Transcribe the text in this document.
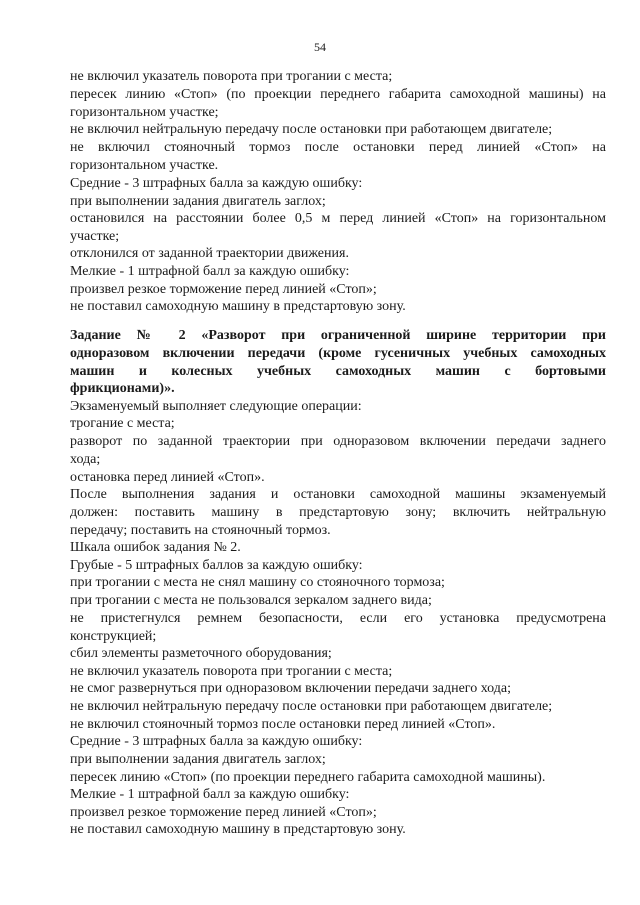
54
не включил указатель поворота при трогании с места;
пересек линию «Стоп» (по проекции переднего габарита самоходной машины) на
горизонтальном участке;
не включил нейтральную передачу после остановки при работающем двигателе;
не включил стояночный тормоз после остановки перед линией «Стоп» на
горизонтальном участке.
Средние - 3 штрафных балла за каждую ошибку:
при выполнении задания двигатель заглох;
остановился на расстоянии более 0,5 м перед линией «Стоп» на горизонтальном
участке;
отклонился от заданной траектории движения.
Мелкие - 1 штрафной балл за каждую ошибку:
произвел резкое торможение перед линией «Стоп»;
не поставил самоходную машину в предстартовую зону.
Задание № 2 «Разворот при ограниченной ширине территории при
одноразовом включении передачи (кроме гусеничных учебных самоходных
машин и колесных учебных самоходных машин с бортовыми
фрикционами)».
Экзаменуемый выполняет следующие операции:
трогание с места;
разворот по заданной траектории при одноразовом включении передачи заднего
хода;
остановка перед линией «Стоп».
После выполнения задания и остановки самоходной машины экзаменуемый
должен: поставить машину в предстартовую зону; включить нейтральную
передачу; поставить на стояночный тормоз.
Шкала ошибок задания № 2.
Грубые - 5 штрафных баллов за каждую ошибку:
при трогании с места не снял машину со стояночного тормоза;
при трогании с места не пользовался зеркалом заднего вида;
не пристегнулся ремнем безопасности, если его установка предусмотрена
конструкцией;
сбил элементы разметочного оборудования;
не включил указатель поворота при трогании с места;
не смог развернуться при одноразовом включении передачи заднего хода;
не включил нейтральную передачу после остановки при работающем двигателе;
не включил стояночный тормоз после остановки перед линией «Стоп».
Средние - 3 штрафных балла за каждую ошибку:
при выполнении задания двигатель заглох;
пересек линию «Стоп» (по проекции переднего габарита самоходной машины).
Мелкие - 1 штрафной балл за каждую ошибку:
произвел резкое торможение перед линией «Стоп»;
не поставил самоходную машину в предстартовую зону.
